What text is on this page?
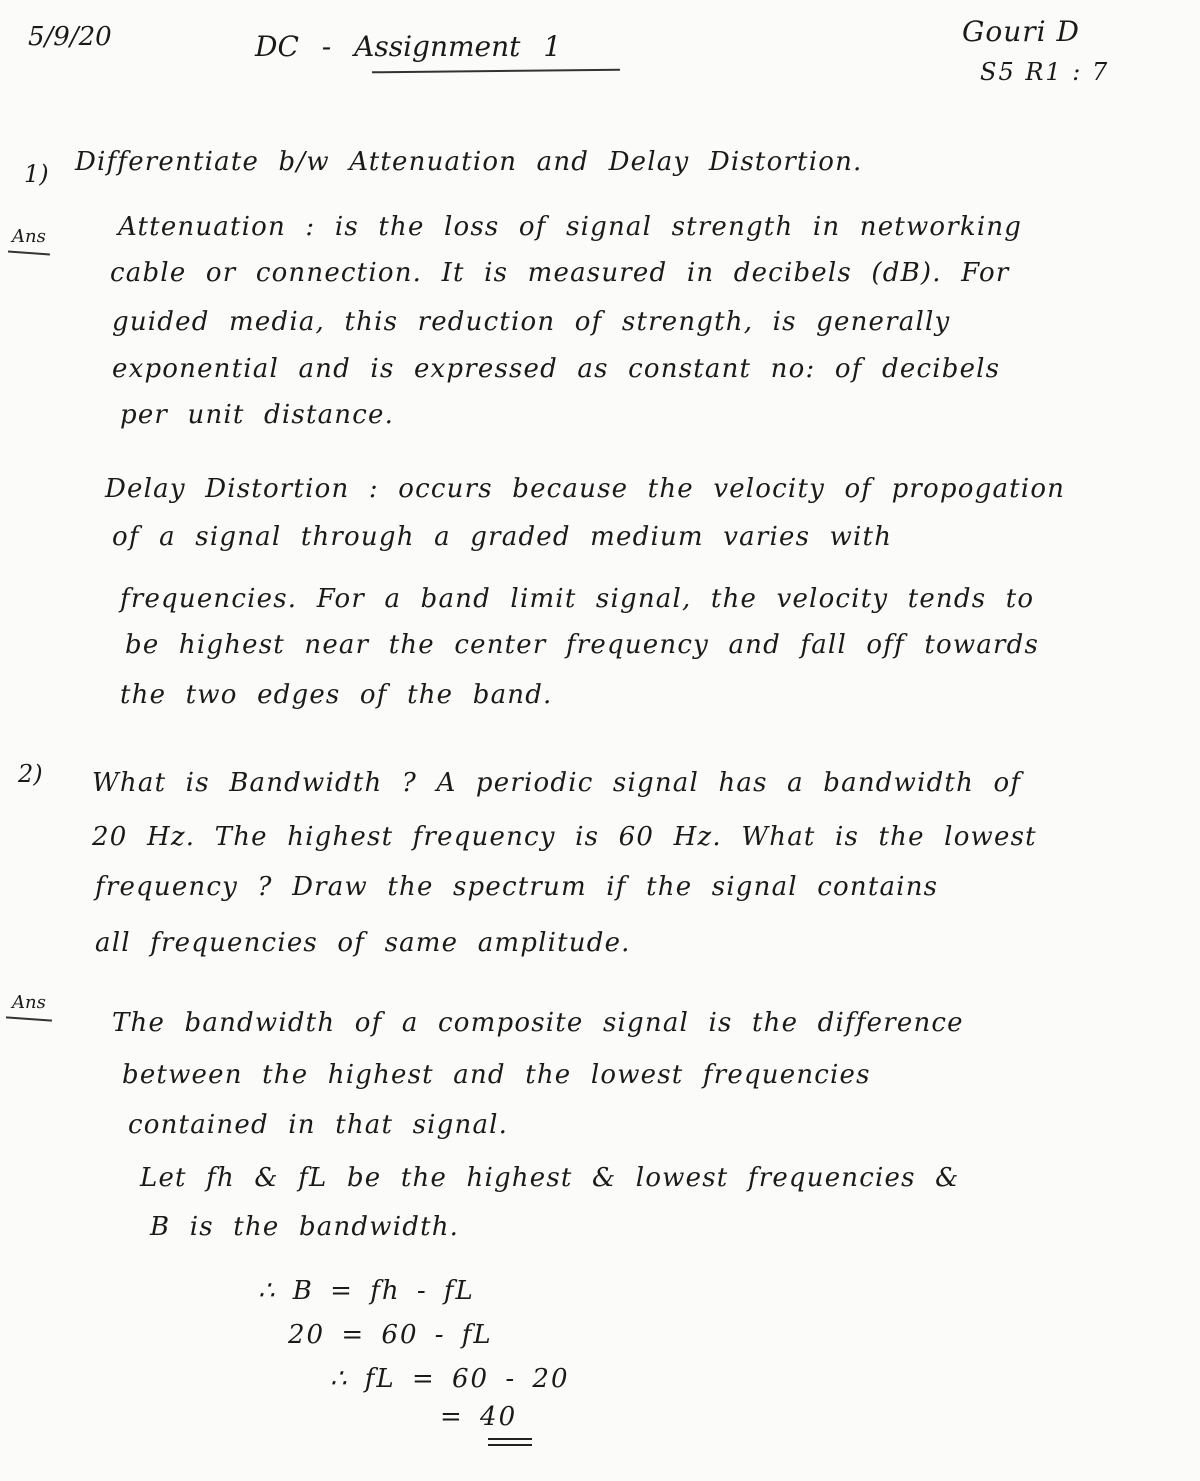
5/9/20	DC - Assignment 1	Gouri D
S5 R1 : 7
1) Differentiate b/w Attenuation and Delay Distortion.
Ans	Attenuation : is the loss of signal strength in networking
cable or connection. It is measured in decibels (dB). For
guided media, this reduction of strength, is generally
exponential and is expressed as constant no: of decibels
per unit distance.
Delay Distortion : occurs because the velocity of propogation
of a signal through a graded medium varies with
frequencies. For a band limit signal, the velocity tends to
be highest near the center frequency and fall off towards
the two edges of the band.
2) What is Bandwidth ? A periodic signal has a bandwidth of
20 Hz. The highest frequency is 60 Hz. What is the lowest
frequency ? Draw the spectrum if the signal contains
all frequencies of same amplitude.
Ans
The bandwidth of a composite signal is the difference
between the highest and the lowest frequencies
contained in that signal.
Let fh & fL be the highest & lowest frequencies &
B is the bandwidth.
∴ B = fh - fL
20 = 60 - fL
∴ fL = 60 - 20
= 40
